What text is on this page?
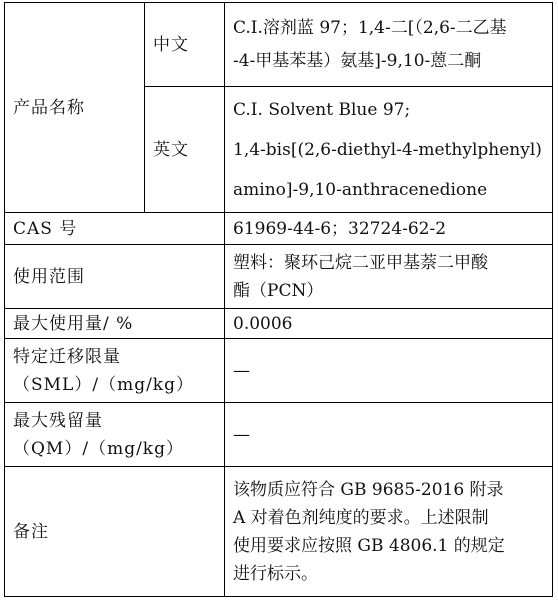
产品名称	中文	C.I.溶剂蓝 97；1,4-二[（2,6-二乙基
-4-甲基苯基）氨基]-9,10-蒽二酮

	英文	C.I. Solvent Blue 97;
1,4-bis[(2,6-diethyl-4-methylphenyl)
amino]-9,10-anthracenedione

CAS 号		61969-44-6；32724-62-2
使用范围		塑料：聚环己烷二亚甲基萘二甲酸
酯（PCN）

最大使用量/ %		0.0006

特定迁移限量
（SML）/（mg/kg）		—

最大残留量
（QM）/（mg/kg）		—
备注		该物质应符合 GB 9685-2016 附录
A 对着色剂纯度的要求。上述限制
使用要求应按照 GB 4806.1 的规定
进行标示。
